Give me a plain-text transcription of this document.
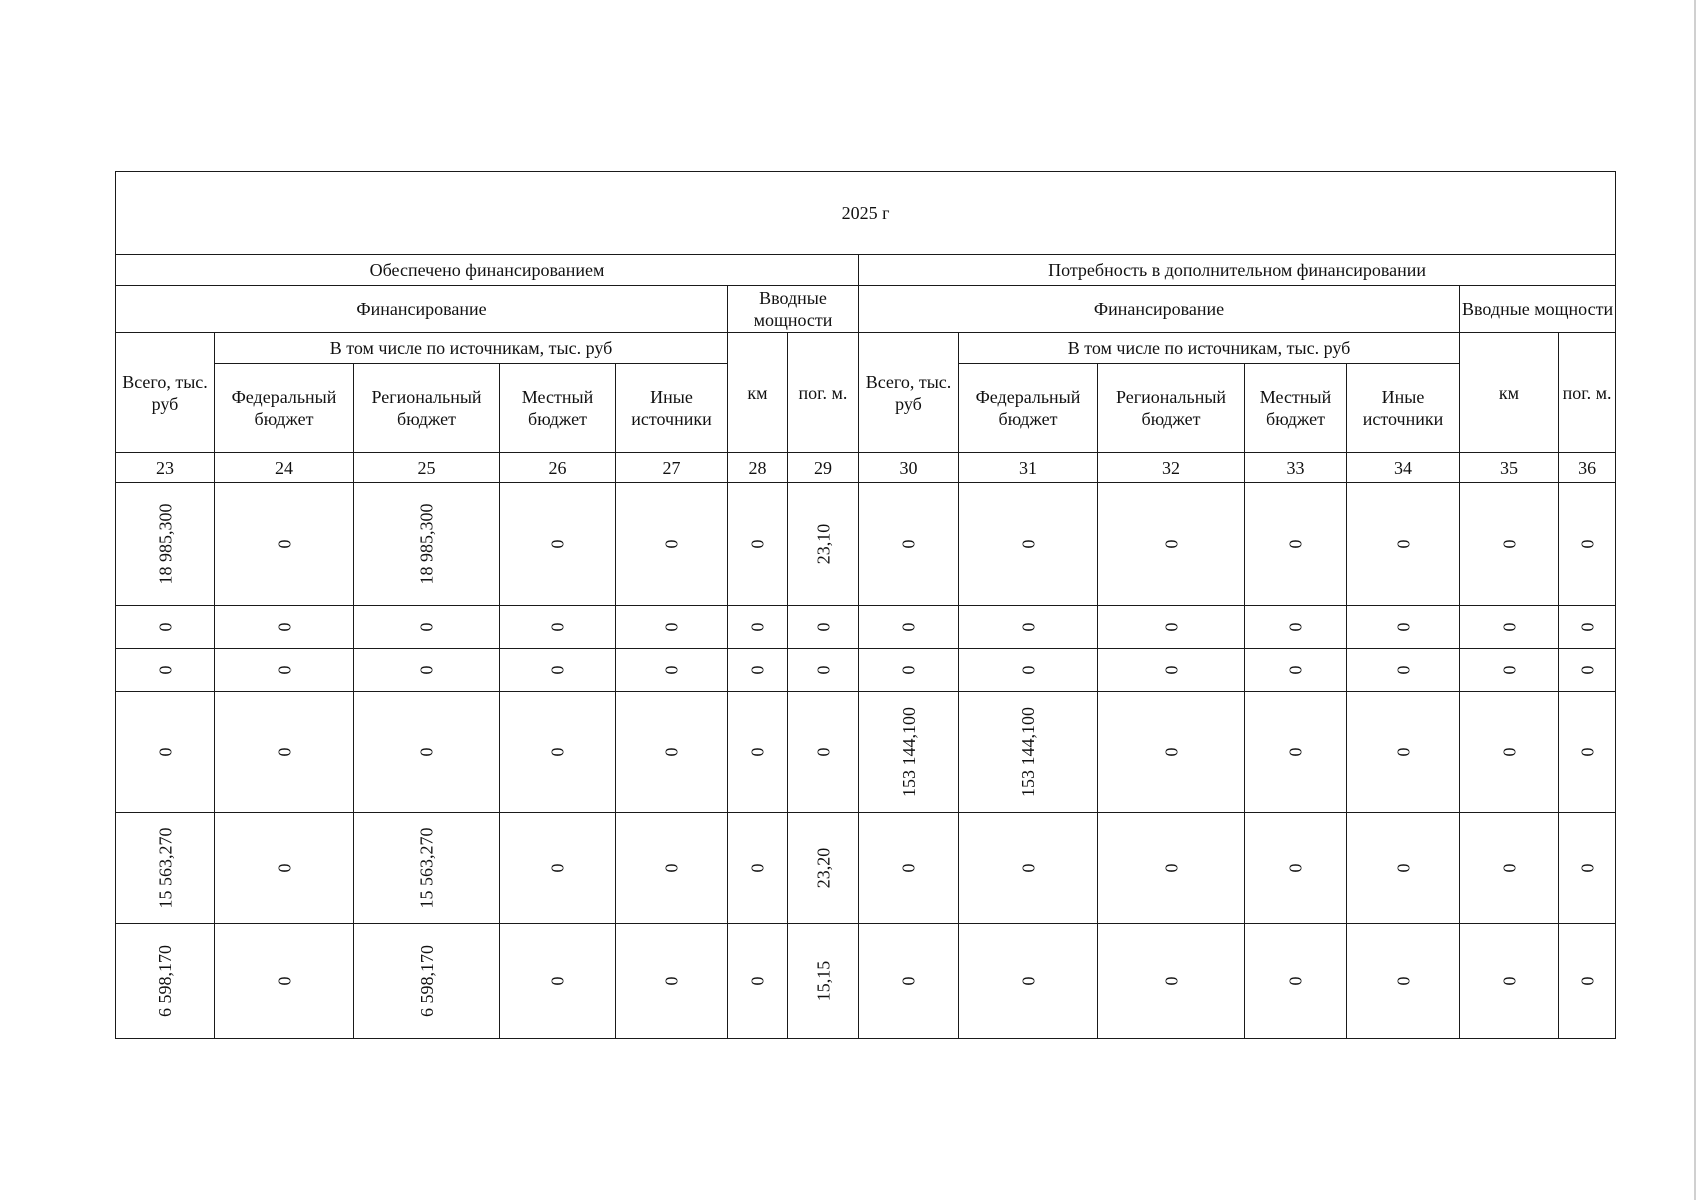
2025 г													
Обеспечено финансированием							Потребность в дополнительном финансировании						
Финансирование					Вводные мощности		Финансирование					Вводные мощности	
Всего, тыс. руб	В том числе по источникам, тыс. руб				км	пог. м.	Всего, тыс. руб	В том числе по источникам, тыс. руб				км	пог. м.
	Федеральный бюджет	Региональный бюджет	Местный бюджет	Иные источники				Федеральный бюджет	Региональный бюджет	Местный бюджет	Иные источники		
23	24	25	26	27	28	29	30	31	32	33	34	35	36
18 985,300	0	18 985,300	0	0	0	23,10	0	0	0	0	0	0	0
0	0	0	0	0	0	0	0	0	0	0	0	0	0
0	0	0	0	0	0	0	0	0	0	0	0	0	0
0	0	0	0	0	0	0	153 144,100	153 144,100	0	0	0	0	0
15 563,270	0	15 563,270	0	0	0	23,20	0	0	0	0	0	0	0
6 598,170	0	6 598,170	0	0	0	15,15	0	0	0	0	0	0	0
